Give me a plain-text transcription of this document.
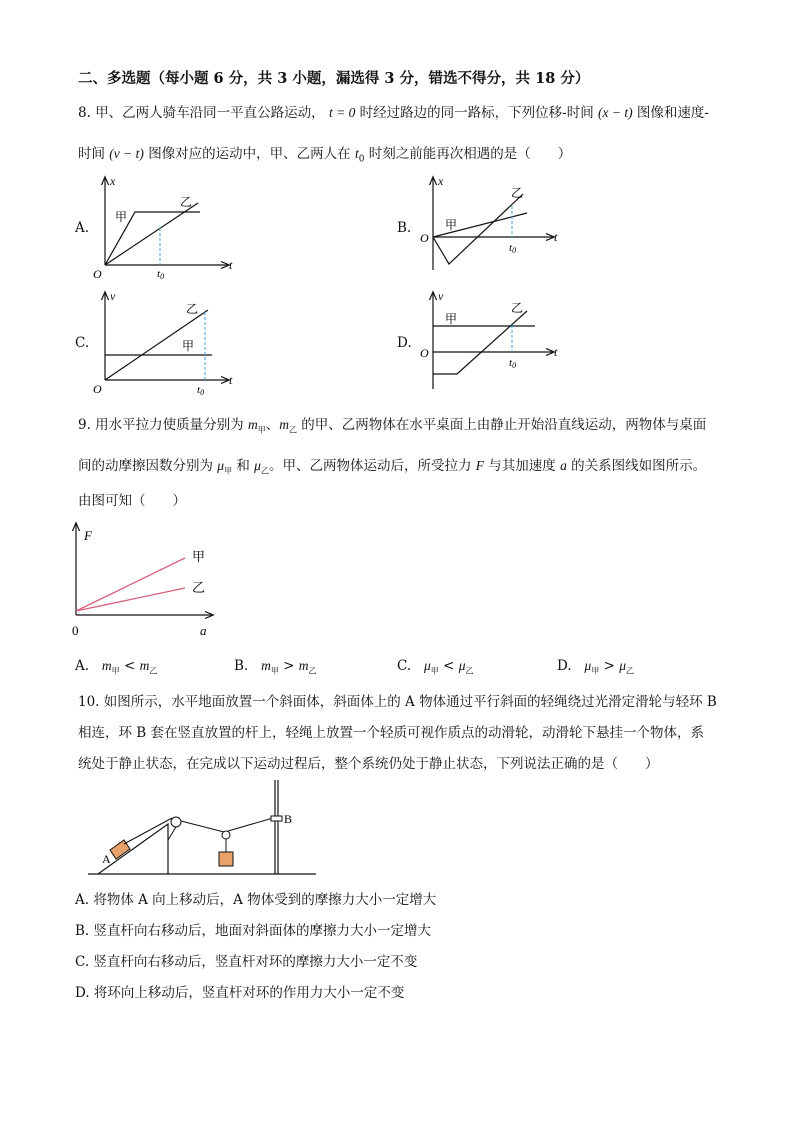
二、多选题（每小题 6 分，共 3 小题，漏选得 3 分，错选不得分，共 18 分）
8. 甲、乙两人骑车沿同一平直公路运动， t = 0 时经过路边的同一路标，下列位移-时间 (x − t) 图像和速度-
时间 (v − t) 图像对应的运动中，甲、乙两人在 $t_0$ 时刻之前能再次相遇的是（　　）
A.
x
t
O
甲
乙
t0
B.
x
t
O
甲
乙
t0
C.
v
t
O
甲
乙
t0
D.
v
t
O
甲
乙
t0
9. 用水平拉力使质量分别为 $m_甲$、$m_乙$ 的甲、乙两物体在水平桌面上由静止开始沿直线运动，两物体与桌面
间的动摩擦因数分别为 $\mu_甲$ 和 $\mu_乙$。甲、乙两物体运动后，所受拉力 F 与其加速度 a 的关系图线如图所示。
由图可知（　　）
F
a
0
甲
乙
A. $m_甲 < m_乙$	B. $m_甲 > m_乙$	C. $\mu_甲 < \mu_乙$	D. $\mu_甲 > \mu_乙$
10. 如图所示，水平地面放置一个斜面体，斜面体上的 A 物体通过平行斜面的轻绳绕过光滑定滑轮与轻环 B
相连，环 B 套在竖直放置的杆上，轻绳上放置一个轻质可视作质点的动滑轮，动滑轮下悬挂一个物体，系
统处于静止状态，在完成以下运动过程后，整个系统仍处于静止状态，下列说法正确的是（　　）
A
B
A. 将物体 A 向上移动后，A 物体受到的摩擦力大小一定增大
B. 竖直杆向右移动后，地面对斜面体的摩擦力大小一定增大
C. 竖直杆向右移动后，竖直杆对环的摩擦力大小一定不变
D. 将环向上移动后，竖直杆对环的作用力大小一定不变
